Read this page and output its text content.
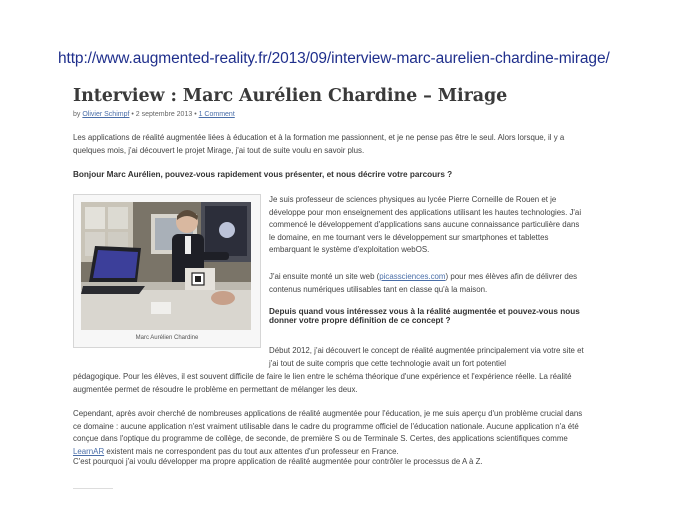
http://www.augmented-reality.fr/2013/09/interview-marc-aurelien-chardine-mirage/
Interview : Marc Aurélien Chardine – Mirage
by Olivier Schimpf • 2 septembre 2013 • 1 Comment
Les applications de réalité augmentée liées à éducation et à la formation me passionnent, et je ne pense pas être le seul. Alors lorsque, il y a quelques mois, j'ai découvert le projet Mirage, j'ai tout de suite voulu en savoir plus.
Bonjour Marc Aurélien, pouvez-vous rapidement vous présenter, et nous décrire votre parcours ?
Marc Aurélien Chardine
Je suis professeur de sciences physiques au lycée Pierre Corneille de Rouen et je développe pour mon enseignement des applications utilisant les hautes technologies. J'ai commencé le développement d'applications sans aucune connaissance particulière dans le domaine, en me tournant vers le développement sur smartphones et tablettes embarquant le système d'exploitation webOS.
J'ai ensuite monté un site web (picassciences.com) pour mes élèves afin de délivrer des contenus numériques utilisables tant en classe qu'à la maison.
Depuis quand vous intéressez vous à la réalité augmentée et pouvez-vous nous donner votre propre définition de ce concept ?
Début 2012, j'ai découvert le concept de réalité augmentée principalement via votre site et j'ai tout de suite compris que cette technologie avait un fort potentiel
pédagogique. Pour les élèves, il est souvent difficile de faire le lien entre le schéma théorique d'une expérience et l'expérience réelle. La réalité augmentée permet de résoudre le problème en permettant de mélanger les deux.
Cependant, après avoir cherché de nombreuses applications de réalité augmentée pour l'éducation, je me suis aperçu d'un problème crucial dans ce domaine : aucune application n'est vraiment utilisable dans le cadre du programme officiel de l'éducation nationale. Aucune application n'a été conçue dans l'optique du programme de collège, de seconde, de première S ou de Terminale S. Certes, des applications scientifiques comme LearnAR existent mais ne correspondent pas du tout aux attentes d'un professeur en France.
C'est pourquoi j'ai voulu développer ma propre application de réalité augmentée pour contrôler le processus de A à Z.
